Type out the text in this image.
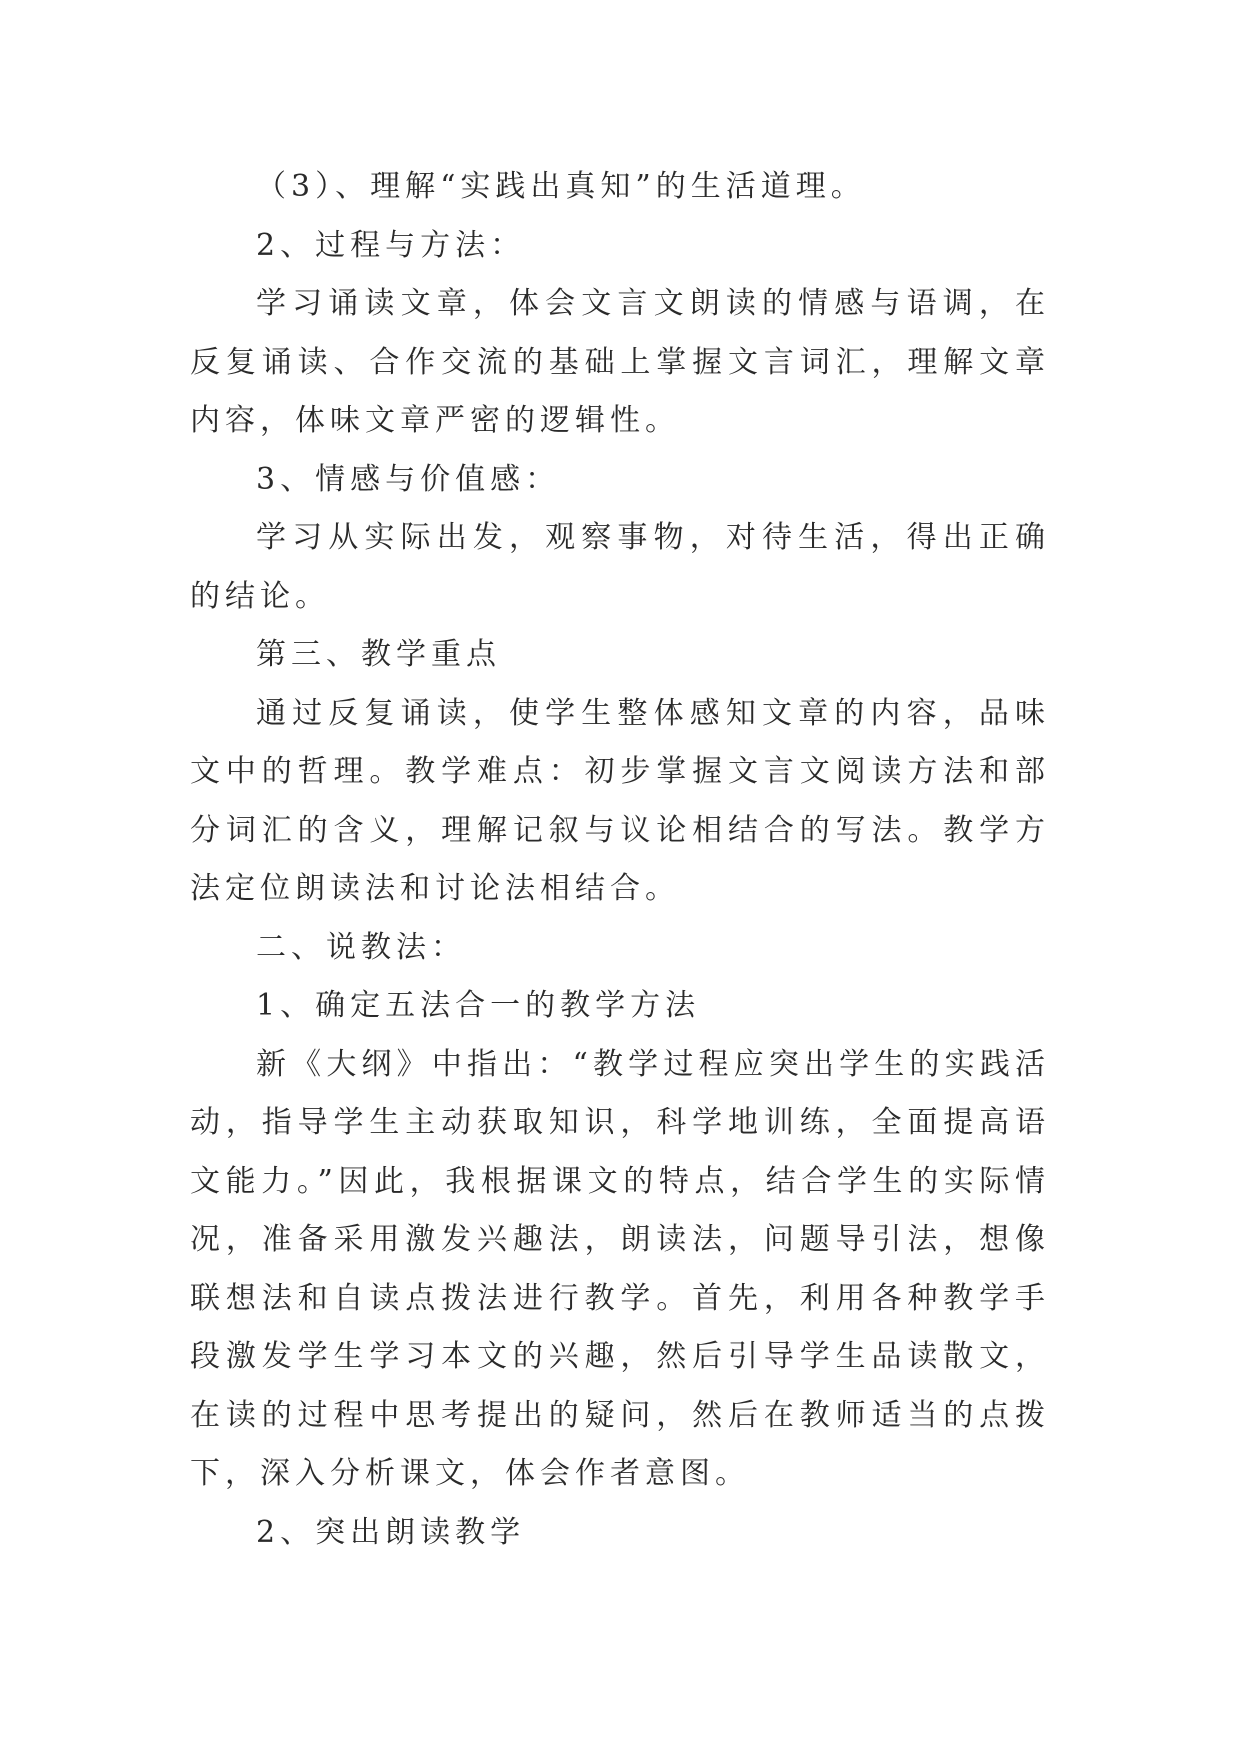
（3）、理解“实践出真知”的生活道理。

2、过程与方法：

学习诵读文章，体会文言文朗读的情感与语调，在反复诵读、合作交流的基础上掌握文言词汇，理解文章内容，体味文章严密的逻辑性。

3、情感与价值感：

学习从实际出发，观察事物，对待生活，得出正确的结论。

第三、教学重点

通过反复诵读，使学生整体感知文章的内容，品味文中的哲理。教学难点：初步掌握文言文阅读方法和部分词汇的含义，理解记叙与议论相结合的写法。教学方法定位朗读法和讨论法相结合。

二、说教法：

1、确定五法合一的教学方法

新《大纲》中指出：“教学过程应突出学生的实践活动，指导学生主动获取知识，科学地训练，全面提高语文能力。”因此，我根据课文的特点，结合学生的实际情况，准备采用激发兴趣法，朗读法，问题导引法，想像联想法和自读点拨法进行教学。首先，利用各种教学手段激发学生学习本文的兴趣，然后引导学生品读散文，在读的过程中思考提出的疑问，然后在教师适当的点拨下，深入分析课文，体会作者意图。

2、突出朗读教学
